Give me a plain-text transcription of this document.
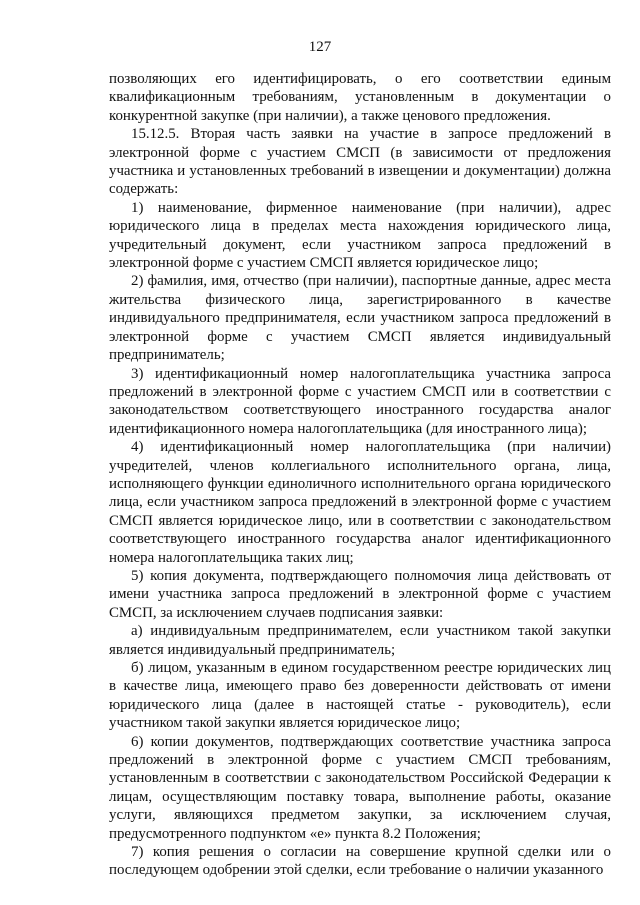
127

позволяющих его идентифицировать, о его соответствии единым квалификационным требованиям, установленным в документации о конкурентной закупке (при наличии), а также ценового предложения.

15.12.5. Вторая часть заявки на участие в запросе предложений в электронной форме с участием СМСП (в зависимости от предложения участника и установленных требований в извещении и документации) должна содержать:

1) наименование, фирменное наименование (при наличии), адрес юридического лица в пределах места нахождения юридического лица, учредительный документ, если участником запроса предложений в электронной форме с участием СМСП является юридическое лицо;

2) фамилия, имя, отчество (при наличии), паспортные данные, адрес места жительства физического лица, зарегистрированного в качестве индивидуального предпринимателя, если участником запроса предложений в электронной форме с участием СМСП является индивидуальный предприниматель;

3) идентификационный номер налогоплательщика участника запроса предложений в электронной форме с участием СМСП или в соответствии с законодательством соответствующего иностранного государства аналог идентификационного номера налогоплательщика (для иностранного лица);

4) идентификационный номер налогоплательщика (при наличии) учредителей, членов коллегиального исполнительного органа, лица, исполняющего функции единоличного исполнительного органа юридического лица, если участником запроса предложений в электронной форме с участием СМСП является юридическое лицо, или в соответствии с законодательством соответствующего иностранного государства аналог идентификационного номера налогоплательщика таких лиц;

5) копия документа, подтверждающего полномочия лица действовать от имени участника запроса предложений в электронной форме с участием СМСП, за исключением случаев подписания заявки:

а) индивидуальным предпринимателем, если участником такой закупки является индивидуальный предприниматель;

б) лицом, указанным в едином государственном реестре юридических лиц в качестве лица, имеющего право без доверенности действовать от имени юридического лица (далее в настоящей статье - руководитель), если участником такой закупки является юридическое лицо;

6) копии документов, подтверждающих соответствие участника запроса предложений в электронной форме с участием СМСП требованиям, установленным в соответствии с законодательством Российской Федерации к лицам, осуществляющим поставку товара, выполнение работы, оказание услуги, являющихся предметом закупки, за исключением случая, предусмотренного подпунктом «е» пункта 8.2 Положения;

7) копия решения о согласии на совершение крупной сделки или о последующем одобрении этой сделки, если требование о наличии указанного
